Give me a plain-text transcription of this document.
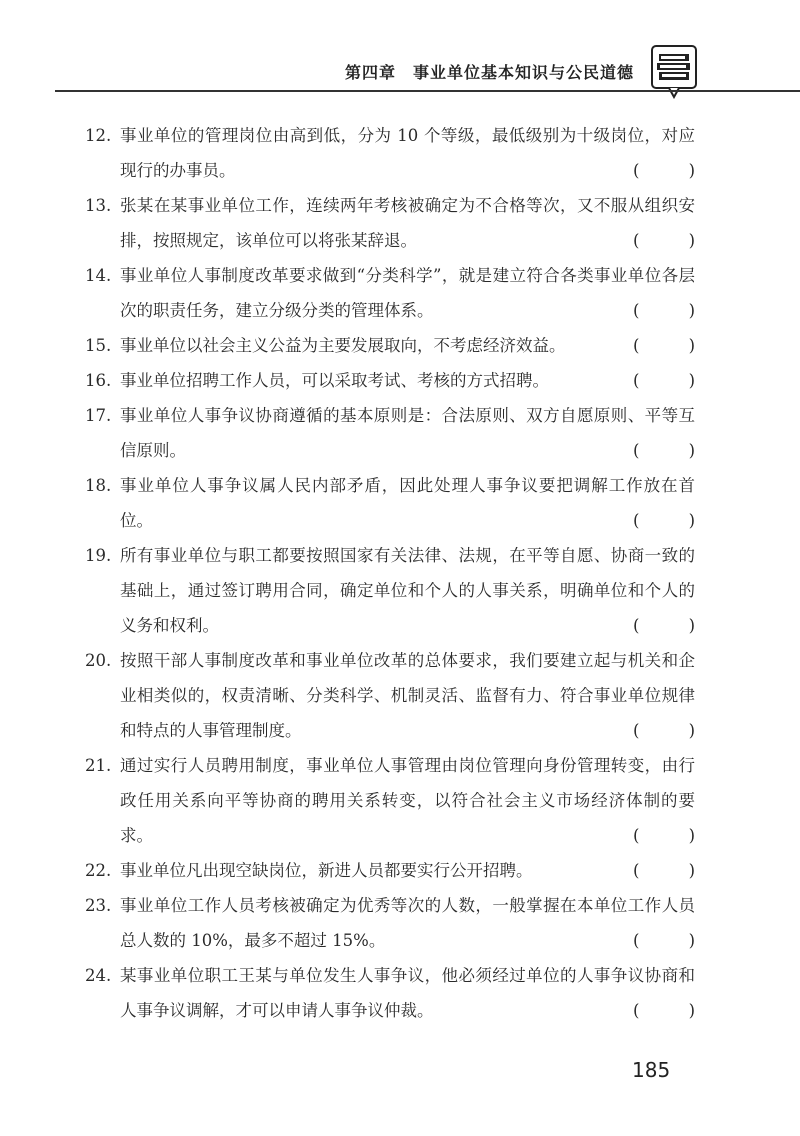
第四章　事业单位基本知识与公民道德
12. 事业单位的管理岗位由高到低，分为 10 个等级，最低级别为十级岗位，对应现行的办事员。	(	)
13. 张某在某事业单位工作，连续两年考核被确定为不合格等次，又不服从组织安排，按照规定，该单位可以将张某辞退。	(	)
14. 事业单位人事制度改革要求做到“分类科学”，就是建立符合各类事业单位各层次的职责任务，建立分级分类的管理体系。	(	)
15. 事业单位以社会主义公益为主要发展取向，不考虑经济效益。	(	)
16. 事业单位招聘工作人员，可以采取考试、考核的方式招聘。	(	)
17. 事业单位人事争议协商遵循的基本原则是：合法原则、双方自愿原则、平等互信原则。	(	)
18. 事业单位人事争议属人民内部矛盾，因此处理人事争议要把调解工作放在首位。	(	)
19. 所有事业单位与职工都要按照国家有关法律、法规，在平等自愿、协商一致的基础上，通过签订聘用合同，确定单位和个人的人事关系，明确单位和个人的义务和权利。	(	)
20. 按照干部人事制度改革和事业单位改革的总体要求，我们要建立起与机关和企业相类似的，权责清晰、分类科学、机制灵活、监督有力、符合事业单位规律和特点的人事管理制度。	(	)
21. 通过实行人员聘用制度，事业单位人事管理由岗位管理向身份管理转变，由行政任用关系向平等协商的聘用关系转变，以符合社会主义市场经济体制的要求。	(	)
22. 事业单位凡出现空缺岗位，新进人员都要实行公开招聘。	(	)
23. 事业单位工作人员考核被确定为优秀等次的人数，一般掌握在本单位工作人员总人数的 10%，最多不超过 15%。	(	)
24. 某事业单位职工王某与单位发生人事争议，他必须经过单位的人事争议协商和人事争议调解，才可以申请人事争议仲裁。	(	)
185
